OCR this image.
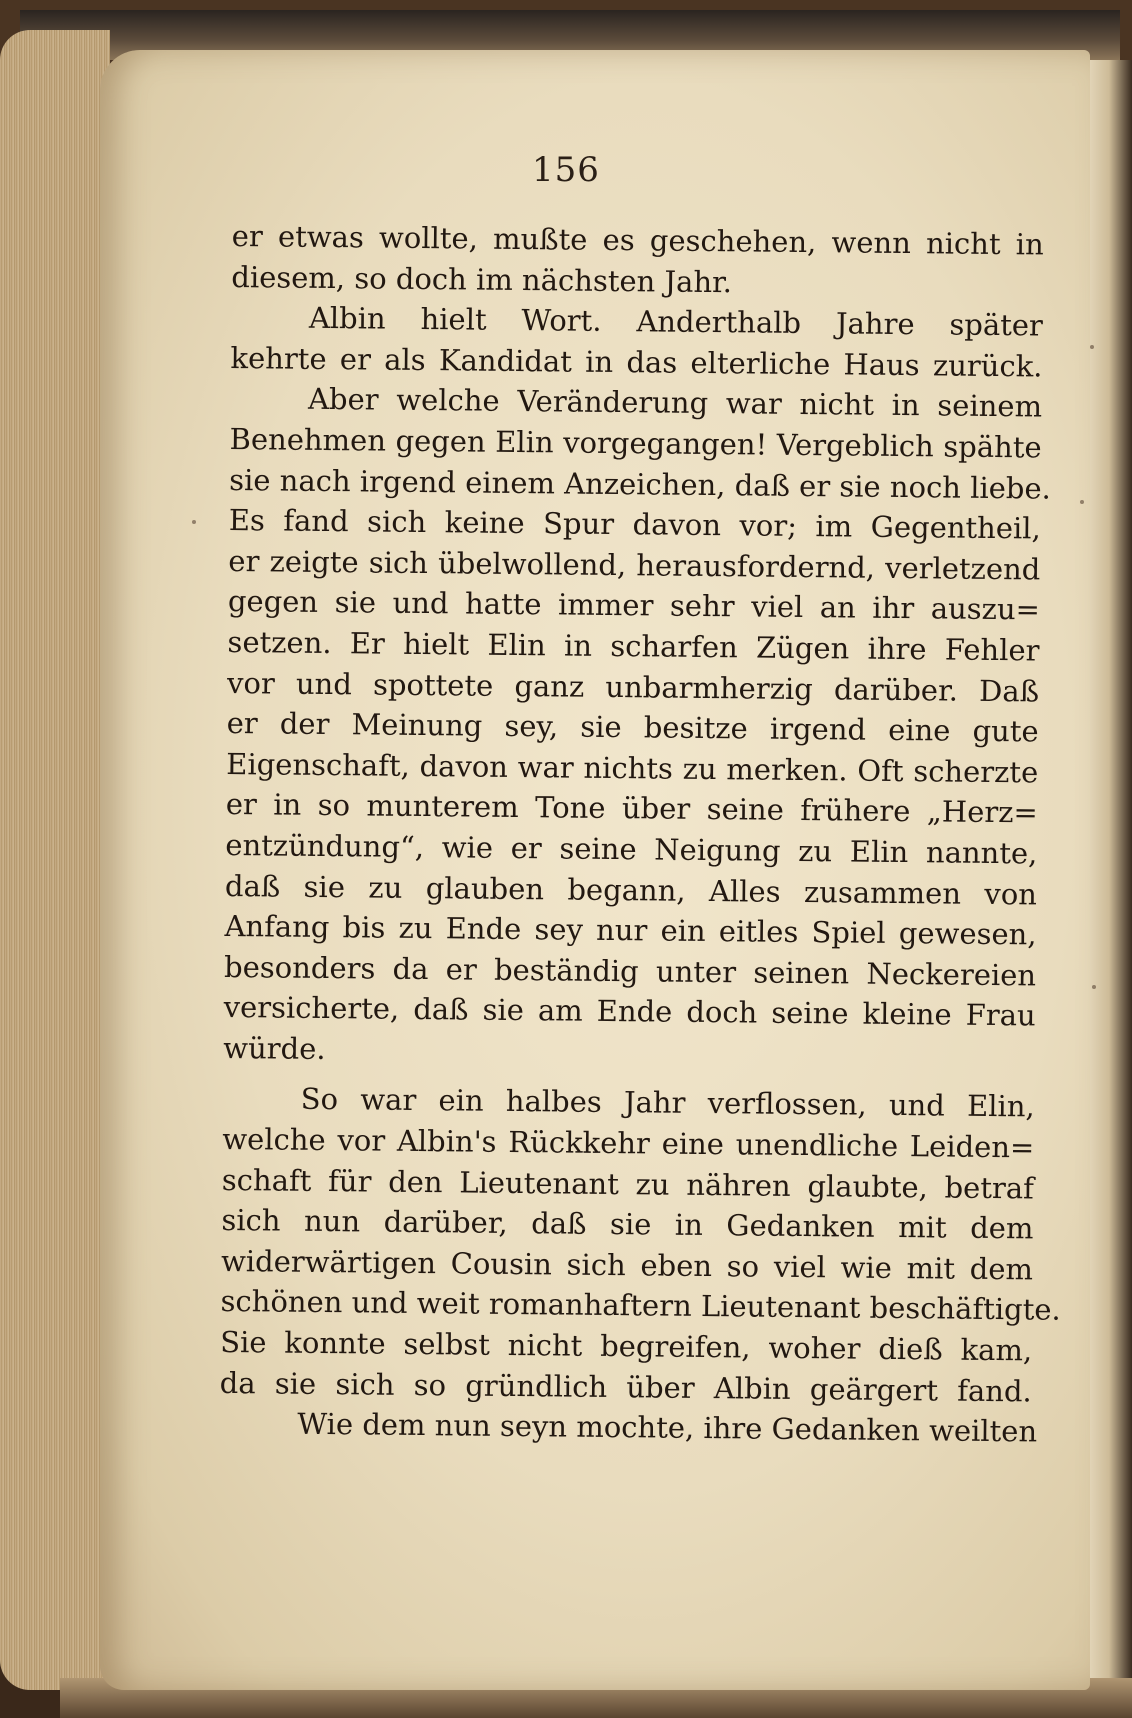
156
er etwas wollte, mußte es geschehen, wenn nicht in
diesem, so doch im nächsten Jahr.
Albin hielt Wort. Anderthalb Jahre später
kehrte er als Kandidat in das elterliche Haus zurück.
Aber welche Veränderung war nicht in seinem
Benehmen gegen Elin vorgegangen! Vergeblich spähte
sie nach irgend einem Anzeichen, daß er sie noch liebe.
Es fand sich keine Spur davon vor; im Gegentheil,
er zeigte sich übelwollend, herausfordernd, verletzend
gegen sie und hatte immer sehr viel an ihr auszu=
setzen. Er hielt Elin in scharfen Zügen ihre Fehler
vor und spottete ganz unbarmherzig darüber. Daß
er der Meinung sey, sie besitze irgend eine gute
Eigenschaft, davon war nichts zu merken. Oft scherzte
er in so munterem Tone über seine frühere „Herz=
entzündung“, wie er seine Neigung zu Elin nannte,
daß sie zu glauben begann, Alles zusammen von
Anfang bis zu Ende sey nur ein eitles Spiel gewesen,
besonders da er beständig unter seinen Neckereien
versicherte, daß sie am Ende doch seine kleine Frau
würde.
So war ein halbes Jahr verflossen, und Elin,
welche vor Albin's Rückkehr eine unendliche Leiden=
schaft für den Lieutenant zu nähren glaubte, betraf
sich nun darüber, daß sie in Gedanken mit dem
widerwärtigen Cousin sich eben so viel wie mit dem
schönen und weit romanhaftern Lieutenant beschäftigte.
Sie konnte selbst nicht begreifen, woher dieß kam,
da sie sich so gründlich über Albin geärgert fand.
Wie dem nun seyn mochte, ihre Gedanken weilten
